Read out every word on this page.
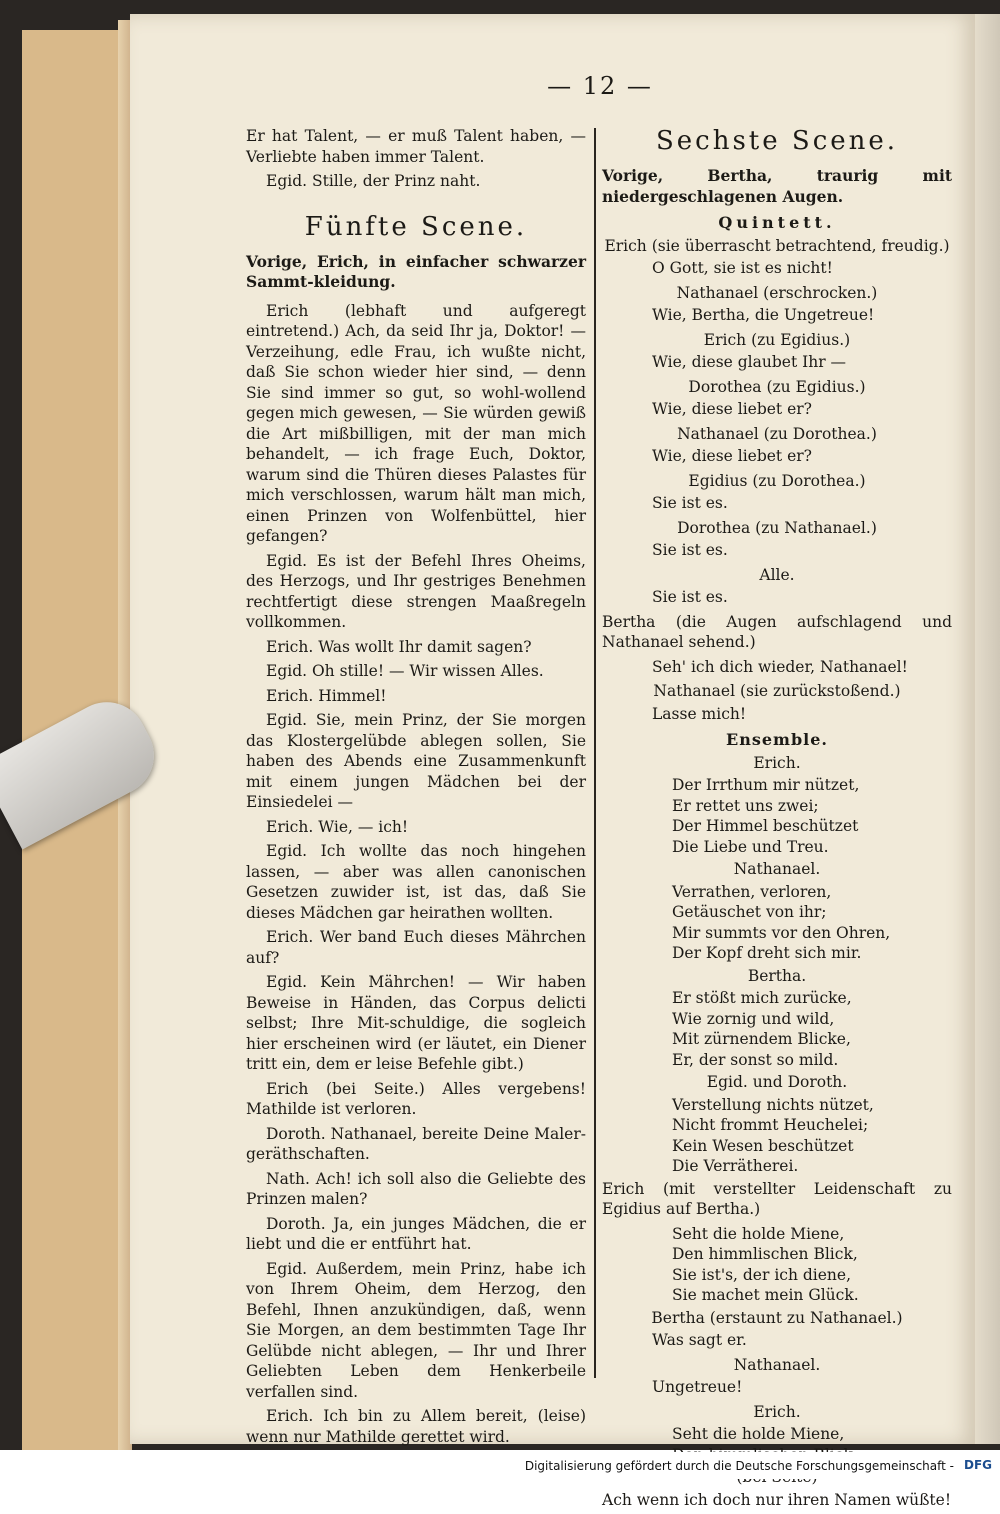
— 12 —

Er hat Talent, — er muß Talent haben, — Verliebte haben immer Talent.

Egid. Stille, der Prinz naht.

Fünfte Scene.

Vorige, Erich, in einfacher schwarzer Sammt-kleidung.

Erich (lebhaft und aufgeregt eintretend.) Ach, da seid Ihr ja, Doktor! — Verzeihung, edle Frau, ich wußte nicht, daß Sie schon wieder hier sind, — denn Sie sind immer so gut, so wohl-wollend gegen mich gewesen, — Sie würden gewiß die Art mißbilligen, mit der man mich behandelt, — ich frage Euch, Doktor, warum sind die Thüren dieses Palastes für mich verschlossen, warum hält man mich, einen Prinzen von Wolfenbüttel, hier gefangen?

Egid. Es ist der Befehl Ihres Oheims, des Herzogs, und Ihr gestriges Benehmen rechtfertigt diese strengen Maaßregeln vollkommen.

Erich. Was wollt Ihr damit sagen?

Egid. Oh stille! — Wir wissen Alles.

Erich. Himmel!

Egid. Sie, mein Prinz, der Sie morgen das Klostergelübde ablegen sollen, Sie haben des Abends eine Zusammenkunft mit einem jungen Mädchen bei der Einsiedelei —

Erich. Wie, — ich!

Egid. Ich wollte das noch hingehen lassen, — aber was allen canonischen Gesetzen zuwider ist, ist das, daß Sie dieses Mädchen gar heirathen wollten.

Erich. Wer band Euch dieses Mährchen auf?

Egid. Kein Mährchen! — Wir haben Beweise in Händen, das Corpus delicti selbst; Ihre Mit-schuldige, die sogleich hier erscheinen wird (er läutet, ein Diener tritt ein, dem er leise Befehle gibt.)

Erich (bei Seite.) Alles vergebens! Mathilde ist verloren.

Doroth. Nathanael, bereite Deine Maler-geräthschaften.

Nath. Ach! ich soll also die Geliebte des Prinzen malen?

Doroth. Ja, ein junges Mädchen, die er liebt und die er entführt hat.

Egid. Außerdem, mein Prinz, habe ich von Ihrem Oheim, dem Herzog, den Befehl, Ihnen anzukündigen, daß, wenn Sie Morgen, an dem bestimmten Tage Ihr Gelübde nicht ablegen, — Ihr und Ihrer Geliebten Leben dem Henkerbeile verfallen sind.

Erich. Ich bin zu Allem bereit, (leise) wenn nur Mathilde gerettet wird.

Sechste Scene.

Vorige, Bertha, traurig mit niedergeschlagenen Augen.

Quintett.
Erich (sie überrascht betrachtend, freudig.)
O Gott, sie ist es nicht!
Nathanael (erschrocken.)
Wie, Bertha, die Ungetreue!
Erich (zu Egidius.)
Wie, diese glaubet Ihr —
Dorothea (zu Egidius.)
Wie, diese liebet er?
Nathanael (zu Dorothea.)
Wie, diese liebet er?
Egidius (zu Dorothea.)
Sie ist es.
Dorothea (zu Nathanael.)
Sie ist es.
Alle.
Sie ist es.
Bertha (die Augen aufschlagend und Nathanael sehend.)
Seh' ich dich wieder, Nathanael!
Nathanael (sie zurückstoßend.)
Lasse mich!
Ensemble.
Erich.
Der Irrthum mir nützet,
Er rettet uns zwei;
Der Himmel beschützet
Die Liebe und Treu.
Nathanael.
Verrathen, verloren,
Getäuschet von ihr;
Mir summts vor den Ohren,
Der Kopf dreht sich mir.
Bertha.
Er stößt mich zurücke,
Wie zornig und wild,
Mit zürnendem Blicke,
Er, der sonst so mild.
Egid. und Doroth.
Verstellung nichts nützet,
Nicht frommt Heuchelei;
Kein Wesen beschützet
Die Verrätherei.
Erich (mit verstellter Leidenschaft zu Egidius auf Bertha.)
Seht die holde Miene,
Den himmlischen Blick,
Sie ist's, der ich diene,
Sie machet mein Glück.
Bertha (erstaunt zu Nathanael.)
Was sagt er.
Nathanael.
Ungetreue!
Erich.
Seht die holde Miene,
Ach wenn ich doch nur ihren Namen wüßte!
Digitalisierung gefördert durch die Deutsche Forschungsgemeinschaft - DFG
